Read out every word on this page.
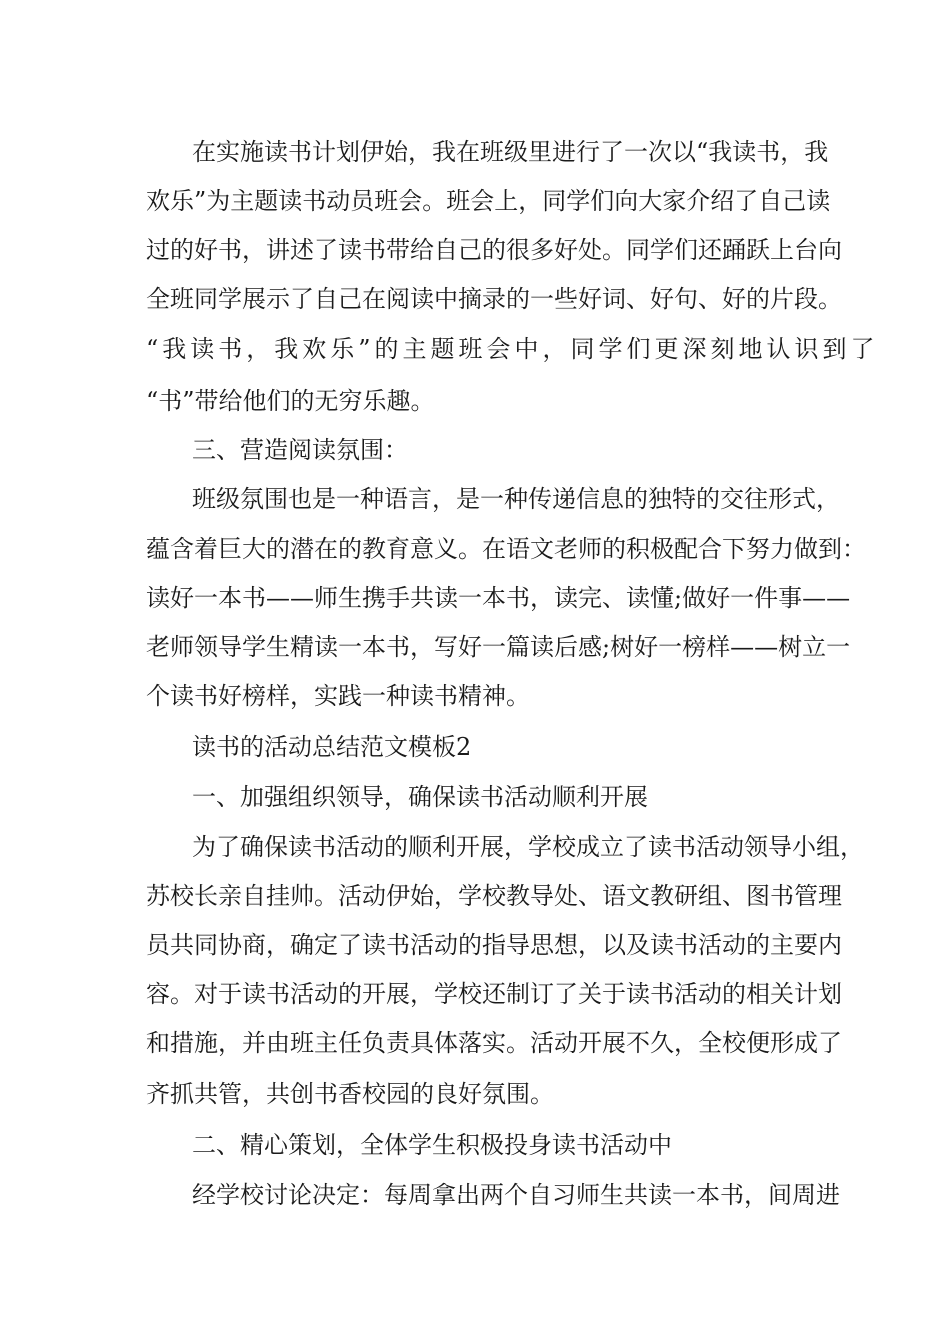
在实施读书计划伊始，我在班级里进行了一次以“我读书，我
欢乐”为主题读书动员班会。班会上，同学们向大家介绍了自己读
过的好书，讲述了读书带给自己的很多好处。同学们还踊跃上台向
全班同学展示了自己在阅读中摘录的一些好词、好句、好的片段。
“我读书，我欢乐”的主题班会中，同学们更深刻地认识到了
“书”带给他们的无穷乐趣。
三、营造阅读氛围：
班级氛围也是一种语言，是一种传递信息的独特的交往形式，
蕴含着巨大的潜在的教育意义。在语文老师的积极配合下努力做到：
读好一本书——师生携手共读一本书，读完、读懂;做好一件事——
老师领导学生精读一本书，写好一篇读后感;树好一榜样——树立一
个读书好榜样，实践一种读书精神。
读书的活动总结范文模板2
一、加强组织领导，确保读书活动顺利开展
为了确保读书活动的顺利开展，学校成立了读书活动领导小组，
苏校长亲自挂帅。活动伊始，学校教导处、语文教研组、图书管理
员共同协商，确定了读书活动的指导思想，以及读书活动的主要内
容。对于读书活动的开展，学校还制订了关于读书活动的相关计划
和措施，并由班主任负责具体落实。活动开展不久，全校便形成了
齐抓共管，共创书香校园的良好氛围。
二、精心策划，全体学生积极投身读书活动中
经学校讨论决定：每周拿出两个自习师生共读一本书，间周进
